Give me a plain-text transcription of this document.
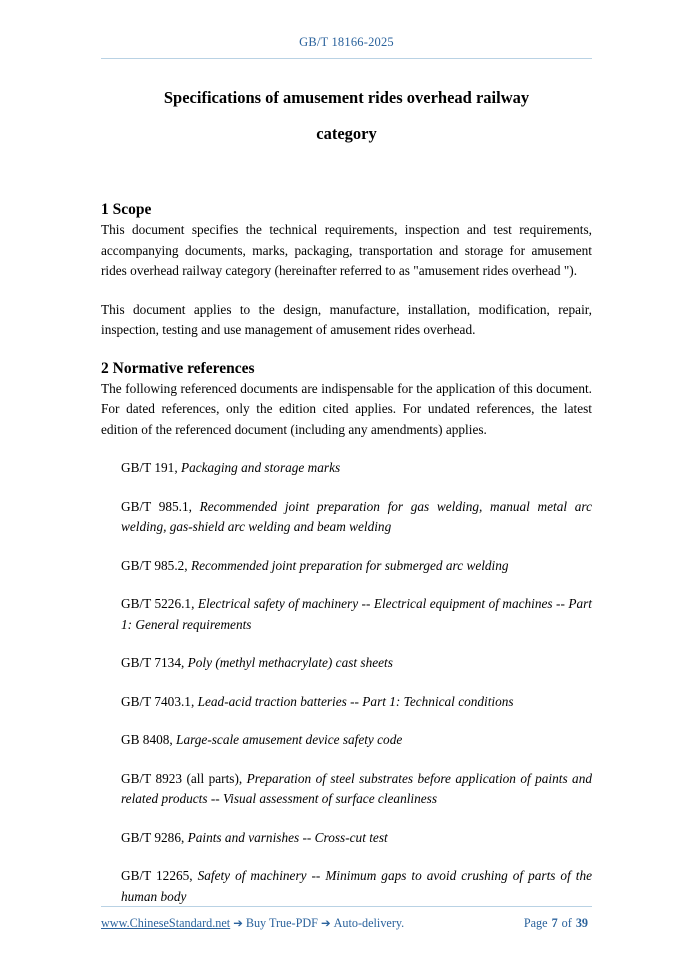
GB/T 18166-2025
Specifications of amusement rides overhead railway
category
1 Scope

This document specifies the technical requirements, inspection and test requirements, accompanying documents, marks, packaging, transportation and storage for amusement rides overhead railway category (hereinafter referred to as "amusement rides overhead ").

This document applies to the design, manufacture, installation, modification, repair, inspection, testing and use management of amusement rides overhead.

2 Normative references

The following referenced documents are indispensable for the application of this document. For dated references, only the edition cited applies. For undated references, the latest edition of the referenced document (including any amendments) applies.

GB/T 191, Packaging and storage marks
GB/T 985.1, Recommended joint preparation for gas welding, manual metal arc welding, gas-shield arc welding and beam welding
GB/T 985.2, Recommended joint preparation for submerged arc welding
GB/T 5226.1, Electrical safety of machinery -- Electrical equipment of machines -- Part 1: General requirements
GB/T 7134, Poly (methyl methacrylate) cast sheets
GB/T 7403.1, Lead-acid traction batteries -- Part 1: Technical conditions
GB 8408, Large-scale amusement device safety code
GB/T 8923 (all parts), Preparation of steel substrates before application of paints and related products -- Visual assessment of surface cleanliness
GB/T 9286, Paints and varnishes -- Cross-cut test
GB/T 12265, Safety of machinery -- Minimum gaps to avoid crushing of parts of the human body
www.ChineseStandard.net ➔ Buy True-PDF ➔ Auto-delivery.	Page 7 of 39
